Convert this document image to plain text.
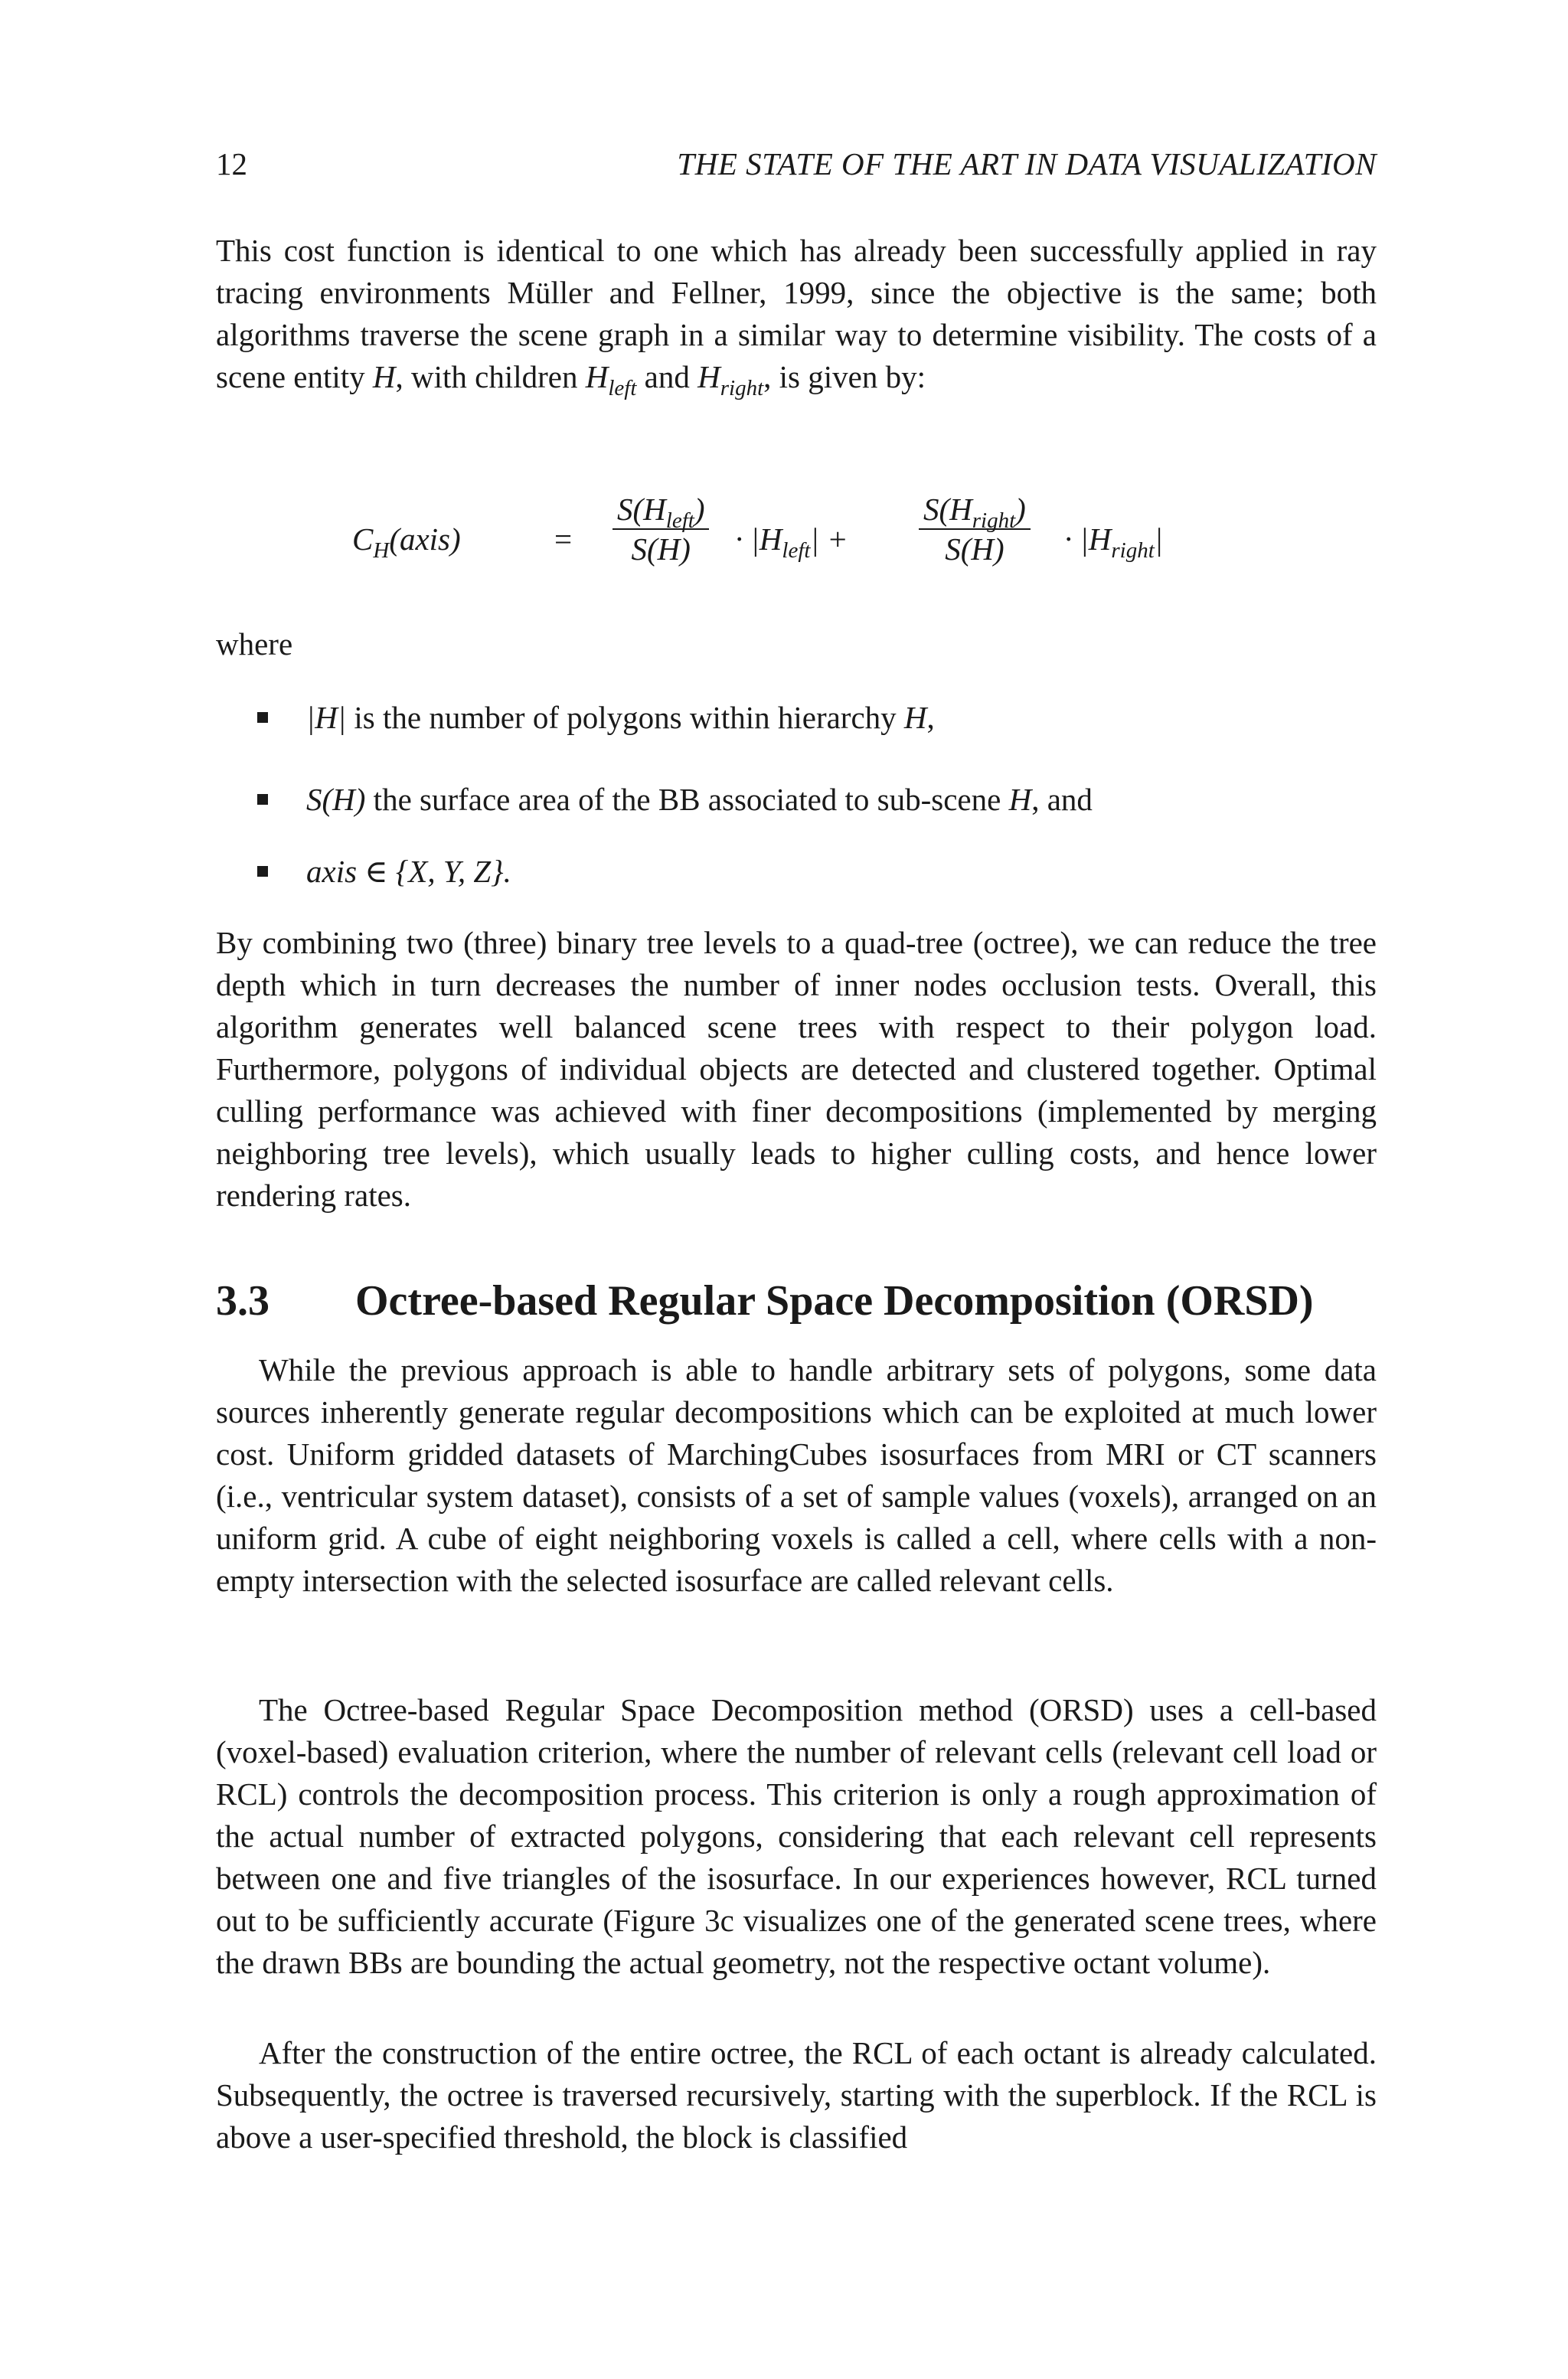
12	THE STATE OF THE ART IN DATA VISUALIZATION
This cost function is identical to one which has already been successfully applied in ray tracing environments Müller and Fellner, 1999, since the objective is the same; both algorithms traverse the scene graph in a similar way to determine visibility. The costs of a scene entity H, with children $H_{left}$ and $H_{right}$, is given by:
$C_H(axis)$	=
$S(H_{left})$
S(H)	· $|H_{left}|$ +
$S(H_{right})$
S(H)	· $|H_{right}|$
where
|H| is the number of polygons within hierarchy H,
S(H) the surface area of the BB associated to sub-scene H, and
axis ∈ {X, Y, Z}.
By combining two (three) binary tree levels to a quad-tree (octree), we can reduce the tree depth which in turn decreases the number of inner nodes occlusion tests. Overall, this algorithm generates well balanced scene trees with respect to their polygon load. Furthermore, polygons of individual objects are detected and clustered together. Optimal culling performance was achieved with finer decompositions (implemented by merging neighboring tree levels), which usually leads to higher culling costs, and hence lower rendering rates.
3.3 Octree-based Regular Space Decomposition (ORSD)
While the previous approach is able to handle arbitrary sets of polygons, some data sources inherently generate regular decompositions which can be exploited at much lower cost. Uniform gridded datasets of MarchingCubes isosurfaces from MRI or CT scanners (i.e., ventricular system dataset), consists of a set of sample values (voxels), arranged on an uniform grid. A cube of eight neighboring voxels is called a cell, where cells with a non-empty intersection with the selected isosurface are called relevant cells.
The Octree-based Regular Space Decomposition method (ORSD) uses a cell-based (voxel-based) evaluation criterion, where the number of relevant cells (relevant cell load or RCL) controls the decomposition process. This criterion is only a rough approximation of the actual number of extracted polygons, considering that each relevant cell represents between one and five triangles of the isosurface. In our experiences however, RCL turned out to be sufficiently accurate (Figure 3c visualizes one of the generated scene trees, where the drawn BBs are bounding the actual geometry, not the respective octant volume).
After the construction of the entire octree, the RCL of each octant is already calculated. Subsequently, the octree is traversed recursively, starting with the superblock. If the RCL is above a user-specified threshold, the block is classified
